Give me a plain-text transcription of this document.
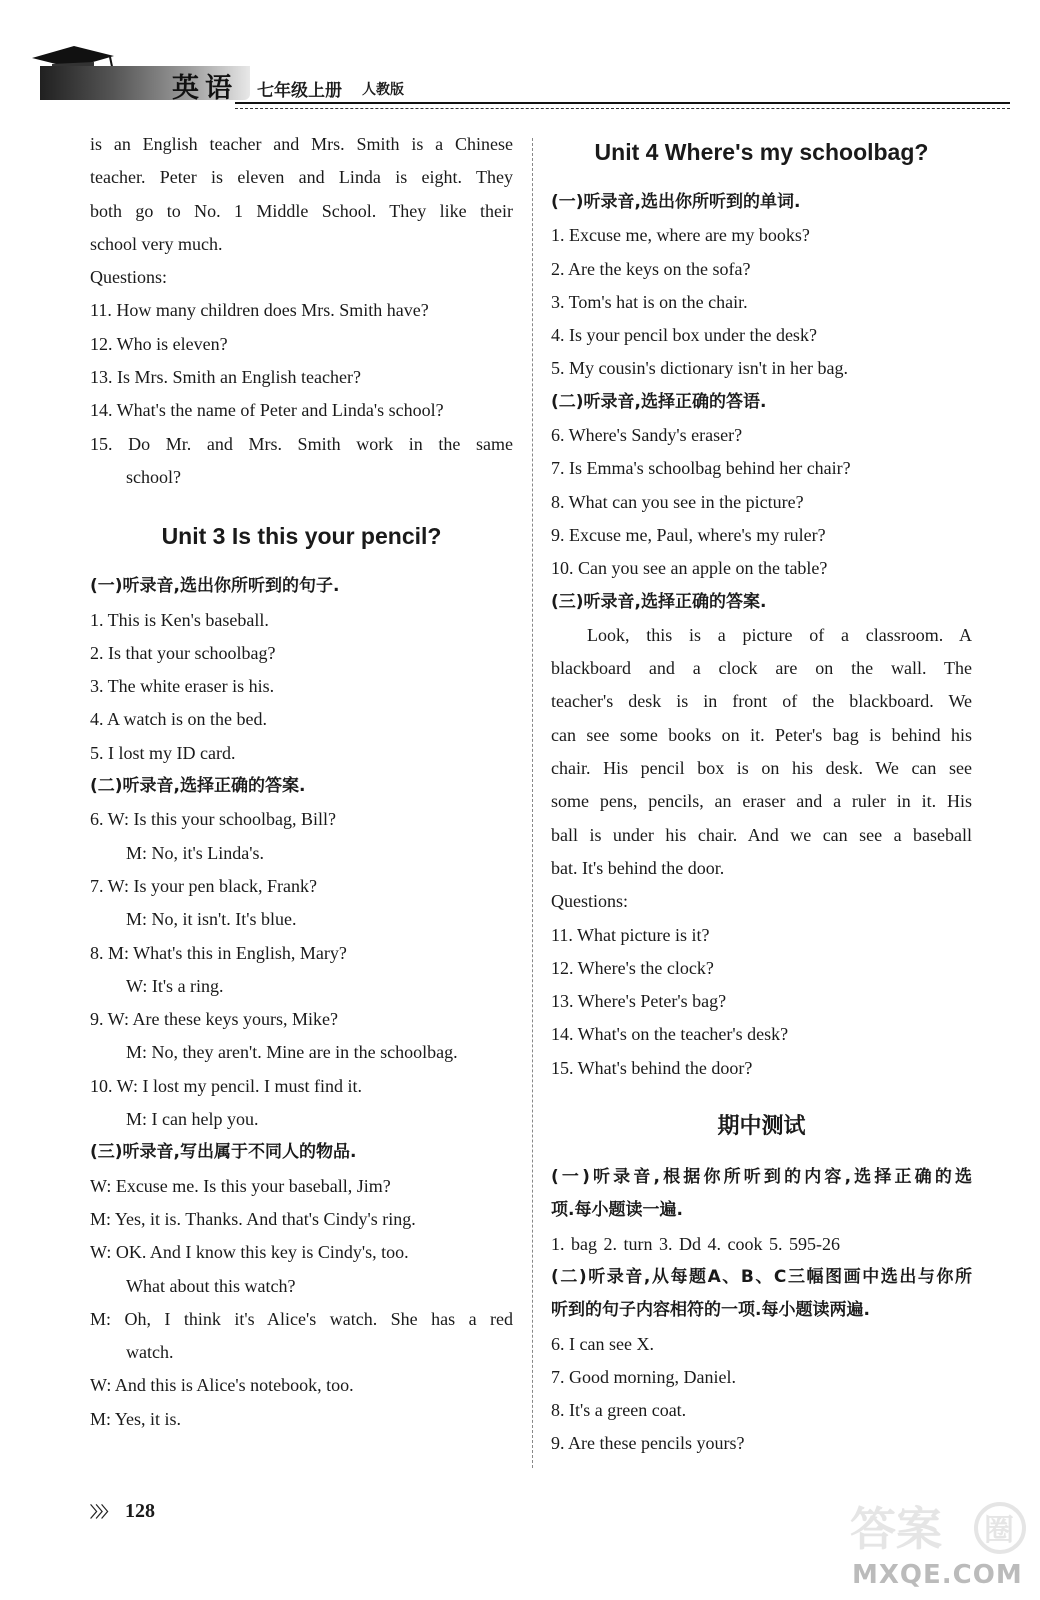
英语 七年级上册 人教版
is an English teacher and Mrs. Smith is a Chinese
teacher. Peter is eleven and Linda is eight. They
both go to No. 1 Middle School. They like their
school very much.
Questions:
11. How many children does Mrs. Smith have?
12. Who is eleven?
13. Is Mrs. Smith an English teacher?
14. What's the name of Peter and Linda's school?
15. Do Mr. and Mrs. Smith work in the same
school?
Unit 3 Is this your pencil?
(一)听录音,选出你所听到的句子.
1. This is Ken's baseball.
2. Is that your schoolbag?
3. The white eraser is his.
4. A watch is on the bed.
5. I lost my ID card.
(二)听录音,选择正确的答案.
6. W: Is this your schoolbag, Bill?
M: No, it's Linda's.
7. W: Is your pen black, Frank?
M: No, it isn't. It's blue.
8. M: What's this in English, Mary?
W: It's a ring.
9. W: Are these keys yours, Mike?
M: No, they aren't. Mine are in the schoolbag.
10. W: I lost my pencil. I must find it.
M: I can help you.
(三)听录音,写出属于不同人的物品.
W: Excuse me. Is this your baseball, Jim?
M: Yes, it is. Thanks. And that's Cindy's ring.
W: OK. And I know this key is Cindy's, too.
What about this watch?
M: Oh, I think it's Alice's watch. She has a red
watch.
W: And this is Alice's notebook, too.
M: Yes, it is.
Unit 4 Where's my schoolbag?
(一)听录音,选出你所听到的单词.
1. Excuse me, where are my books?
2. Are the keys on the sofa?
3. Tom's hat is on the chair.
4. Is your pencil box under the desk?
5. My cousin's dictionary isn't in her bag.
(二)听录音,选择正确的答语.
6. Where's Sandy's eraser?
7. Is Emma's schoolbag behind her chair?
8. What can you see in the picture?
9. Excuse me, Paul, where's my ruler?
10. Can you see an apple on the table?
(三)听录音,选择正确的答案.
Look, this is a picture of a classroom. A
blackboard and a clock are on the wall. The
teacher's desk is in front of the blackboard. We
can see some books on it. Peter's bag is behind his
chair. His pencil box is on his desk. We can see
some pens, pencils, an eraser and a ruler in it. His
ball is under his chair. And we can see a baseball
bat. It's behind the door.
Questions:
11. What picture is it?
12. Where's the clock?
13. Where's Peter's bag?
14. What's on the teacher's desk?
15. What's behind the door?
期中测试
(一)听录音,根据你所听到的内容,选择正确的选
项.每小题读一遍.
1. bag 2. turn 3. Dd 4. cook 5. 595-26
(二)听录音,从每题A、B、C三幅图画中选出与你所
听到的句子内容相符的一项.每小题读两遍.
6. I can see X.
7. Good morning, Daniel.
8. It's a green coat.
9. Are these pencils yours?
〉〉〉 128	答案 圈
MXQE.COM
